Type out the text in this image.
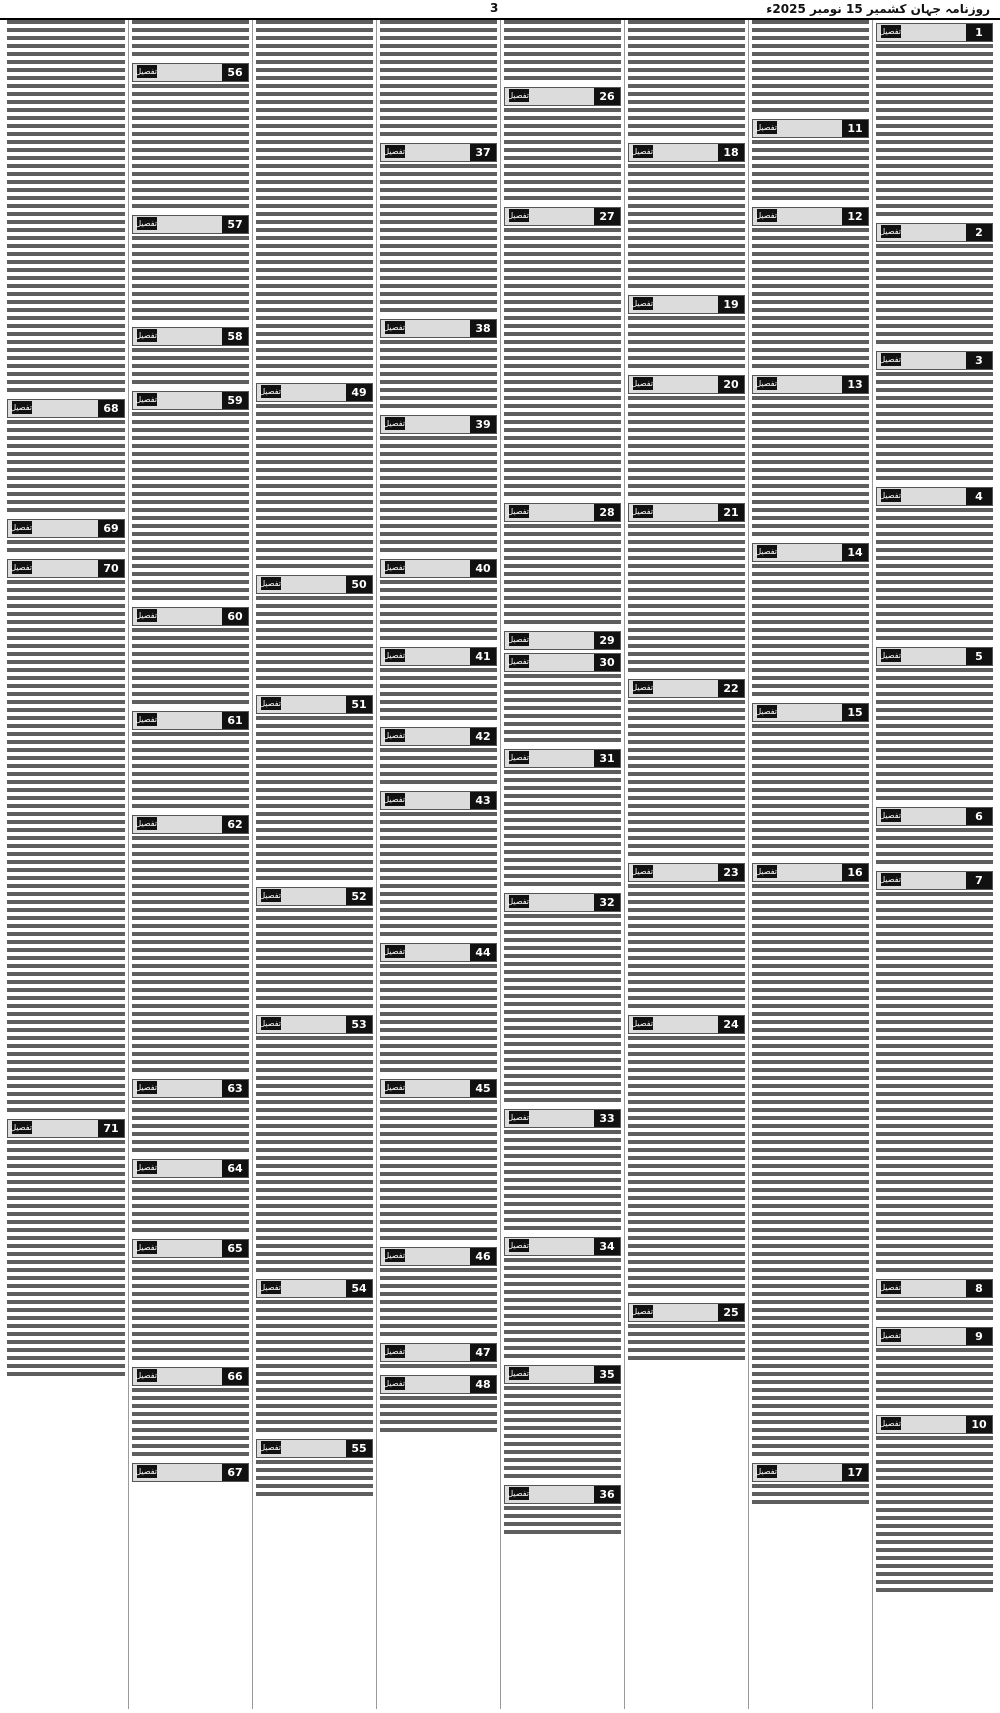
روزنامہ جہان کشمیر 15 نومبر 2025ء
3
1
تفصیل
2
تفصیل
3
تفصیل
4
تفصیل
5
تفصیل
6
تفصیل
7
تفصیل
8
تفصیل
9
تفصیل
10
تفصیل
11
تفصیل
12
تفصیل
13
تفصیل
14
تفصیل
15
تفصیل
16
تفصیل
17
تفصیل
18
تفصیل
19
تفصیل
20
تفصیل
21
تفصیل
22
تفصیل
23
تفصیل
24
تفصیل
25
تفصیل
26
تفصیل
27
تفصیل
28
تفصیل
29
تفصیل
30
تفصیل
31
تفصیل
32
تفصیل
33
تفصیل
34
تفصیل
35
تفصیل
36
تفصیل
37
تفصیل
38
تفصیل
39
تفصیل
40
تفصیل
41
تفصیل
42
تفصیل
43
تفصیل
44
تفصیل
45
تفصیل
46
تفصیل
47
تفصیل
48
تفصیل
49
تفصیل
50
تفصیل
51
تفصیل
52
تفصیل
53
تفصیل
54
تفصیل
55
تفصیل
56
تفصیل
57
تفصیل
58
تفصیل
59
تفصیل
60
تفصیل
61
تفصیل
62
تفصیل
63
تفصیل
64
تفصیل
65
تفصیل
66
تفصیل
67
تفصیل
68
تفصیل
69
تفصیل
70
تفصیل
71
تفصیل
